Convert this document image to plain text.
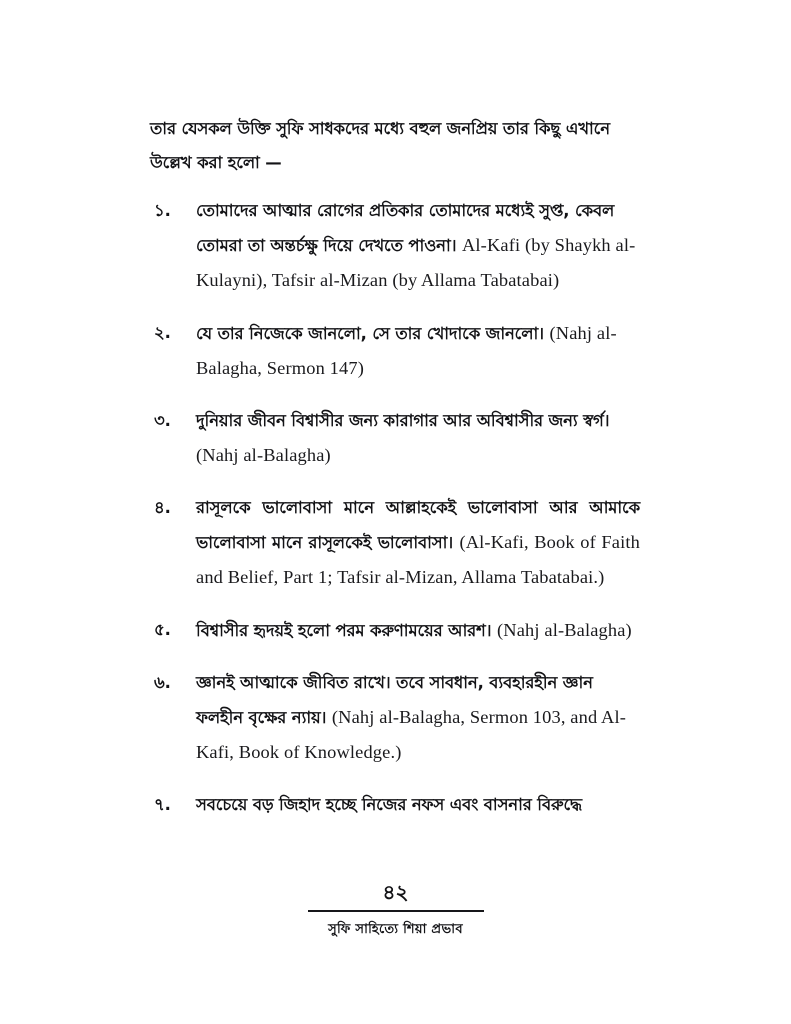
তার যেসকল উক্তি সুফি সাধকদের মধ্যে বহুল জনপ্রিয় তার কিছু এখানে উল্লেখ করা হলো —

১.	তোমাদের আত্মার রোগের প্রতিকার তোমাদের মধ্যেই সুপ্ত, কেবল তোমরা তা অন্তর্চক্ষু দিয়ে দেখতে পাওনা। Al-Kafi (by Shaykh al-Kulayni), Tafsir al-Mizan (by Allama Tabatabai)

২.	যে তার নিজেকে জানলো, সে তার খোদাকে জানলো। (Nahj al-Balagha, Sermon 147)

৩.	দুনিয়ার জীবন বিশ্বাসীর জন্য কারাগার আর অবিশ্বাসীর জন্য স্বর্গ। (Nahj al-Balagha)

৪.	রাসূলকে ভালোবাসা মানে আল্লাহকেই ভালোবাসা আর আমাকে ভালোবাসা মানে রাসূলকেই ভালোবাসা। (Al-Kafi, Book of Faith and Belief, Part 1; Tafsir al-Mizan, Allama Tabatabai.)

৫.	বিশ্বাসীর হৃদয়ই হলো পরম করুণাময়ের আরশ। (Nahj al-Balagha)

৬.	জ্ঞানই আত্মাকে জীবিত রাখে। তবে সাবধান, ব্যবহারহীন জ্ঞান ফলহীন বৃক্ষের ন্যায়। (Nahj al-Balagha, Sermon 103, and Al-Kafi, Book of Knowledge.)

৭.	সবচেয়ে বড় জিহাদ হচ্ছে নিজের নফস এবং বাসনার বিরুদ্ধে

৪২
সুফি সাহিত্যে শিয়া প্রভাব
